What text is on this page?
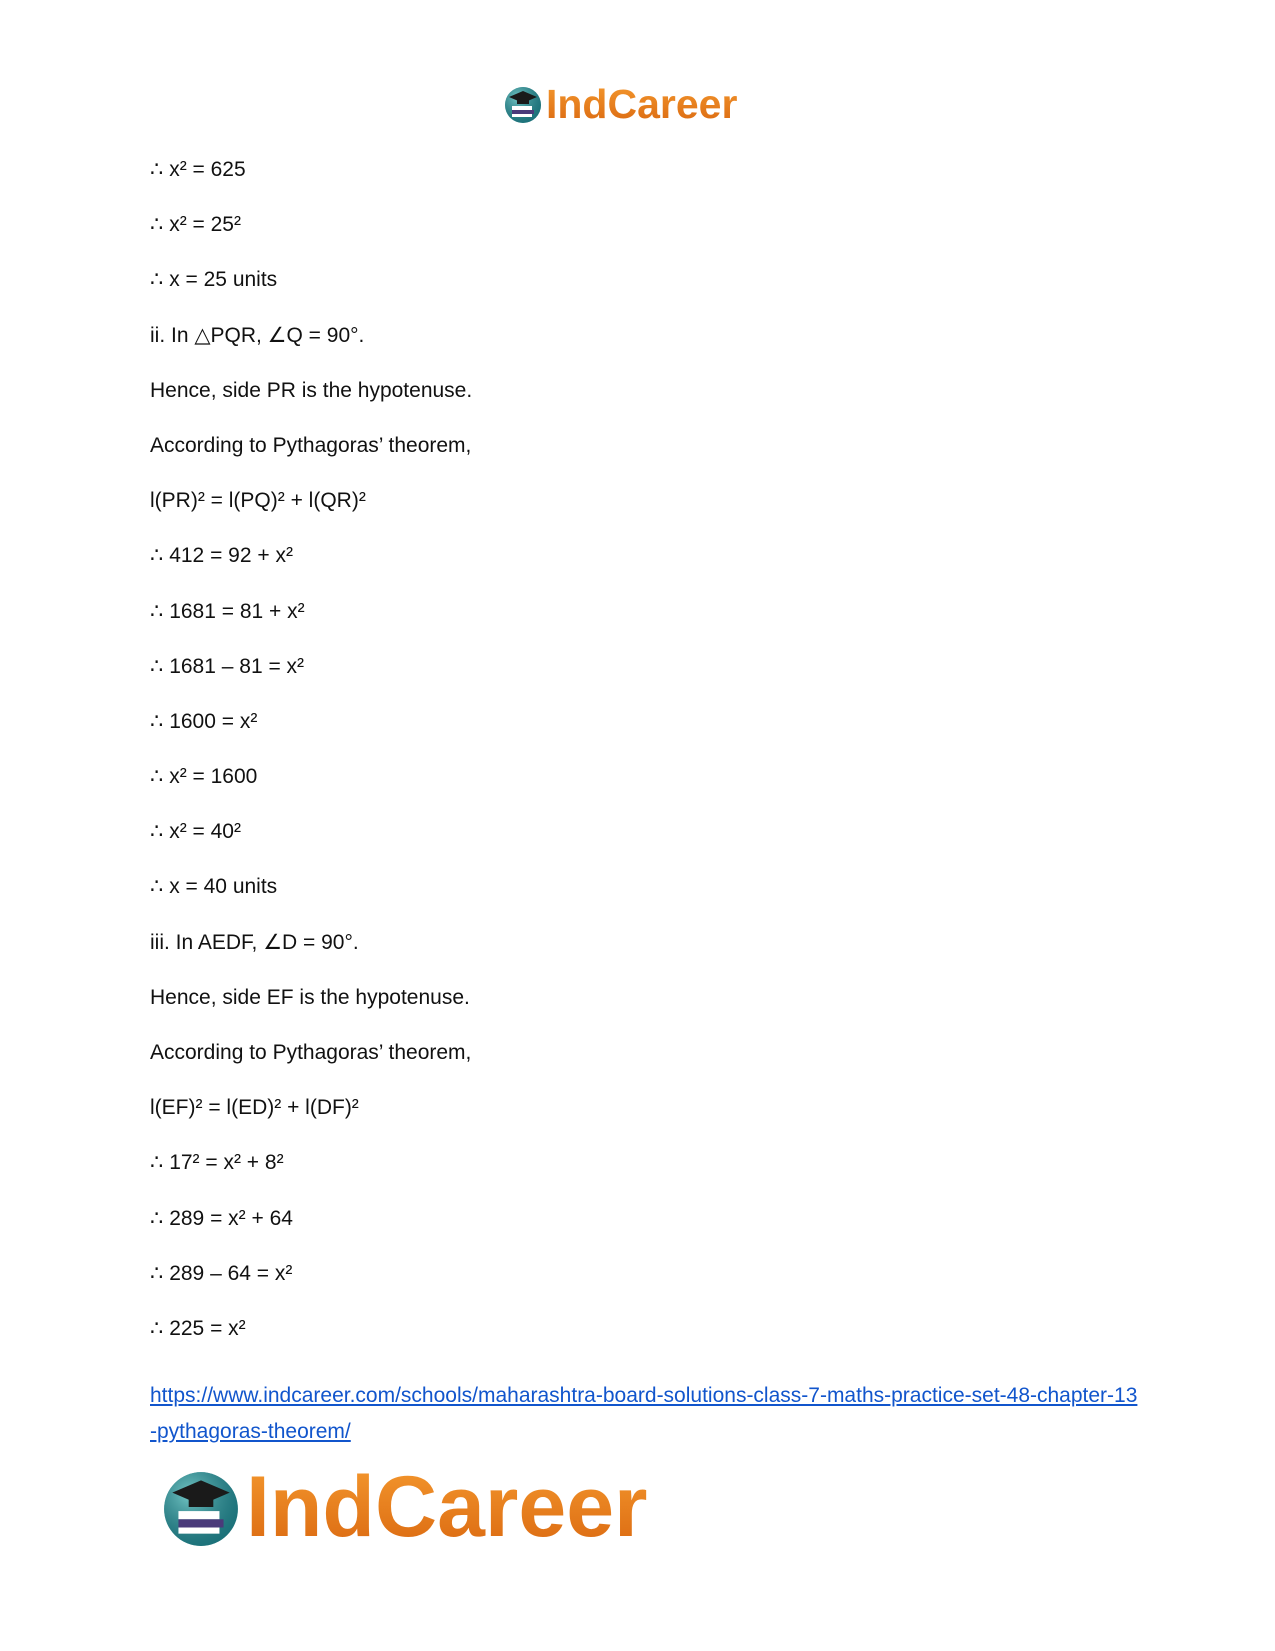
IndCareer
∴ x² = 625
∴ x² = 25²
∴ x = 25 units
ii. In △PQR, ∠Q = 90°.
Hence, side PR is the hypotenuse.
According to Pythagoras’ theorem,
l(PR)² = l(PQ)² + l(QR)²
∴ 412 = 92 + x²
∴ 1681 = 81 + x²
∴ 1681 – 81 = x²
∴ 1600 = x²
∴ x² = 1600
∴ x² = 40²
∴ x = 40 units
iii. In AEDF, ∠D = 90°.
Hence, side EF is the hypotenuse.
According to Pythagoras’ theorem,
l(EF)² = l(ED)² + l(DF)²
∴ 17² = x² + 8²
∴ 289 = x² + 64
∴ 289 – 64 = x²
∴ 225 = x²
https://www.indcareer.com/schools/maharashtra-board-solutions-class-7-maths-practice-set-48-chapter-13-pythagoras-theorem/
IndCareer
